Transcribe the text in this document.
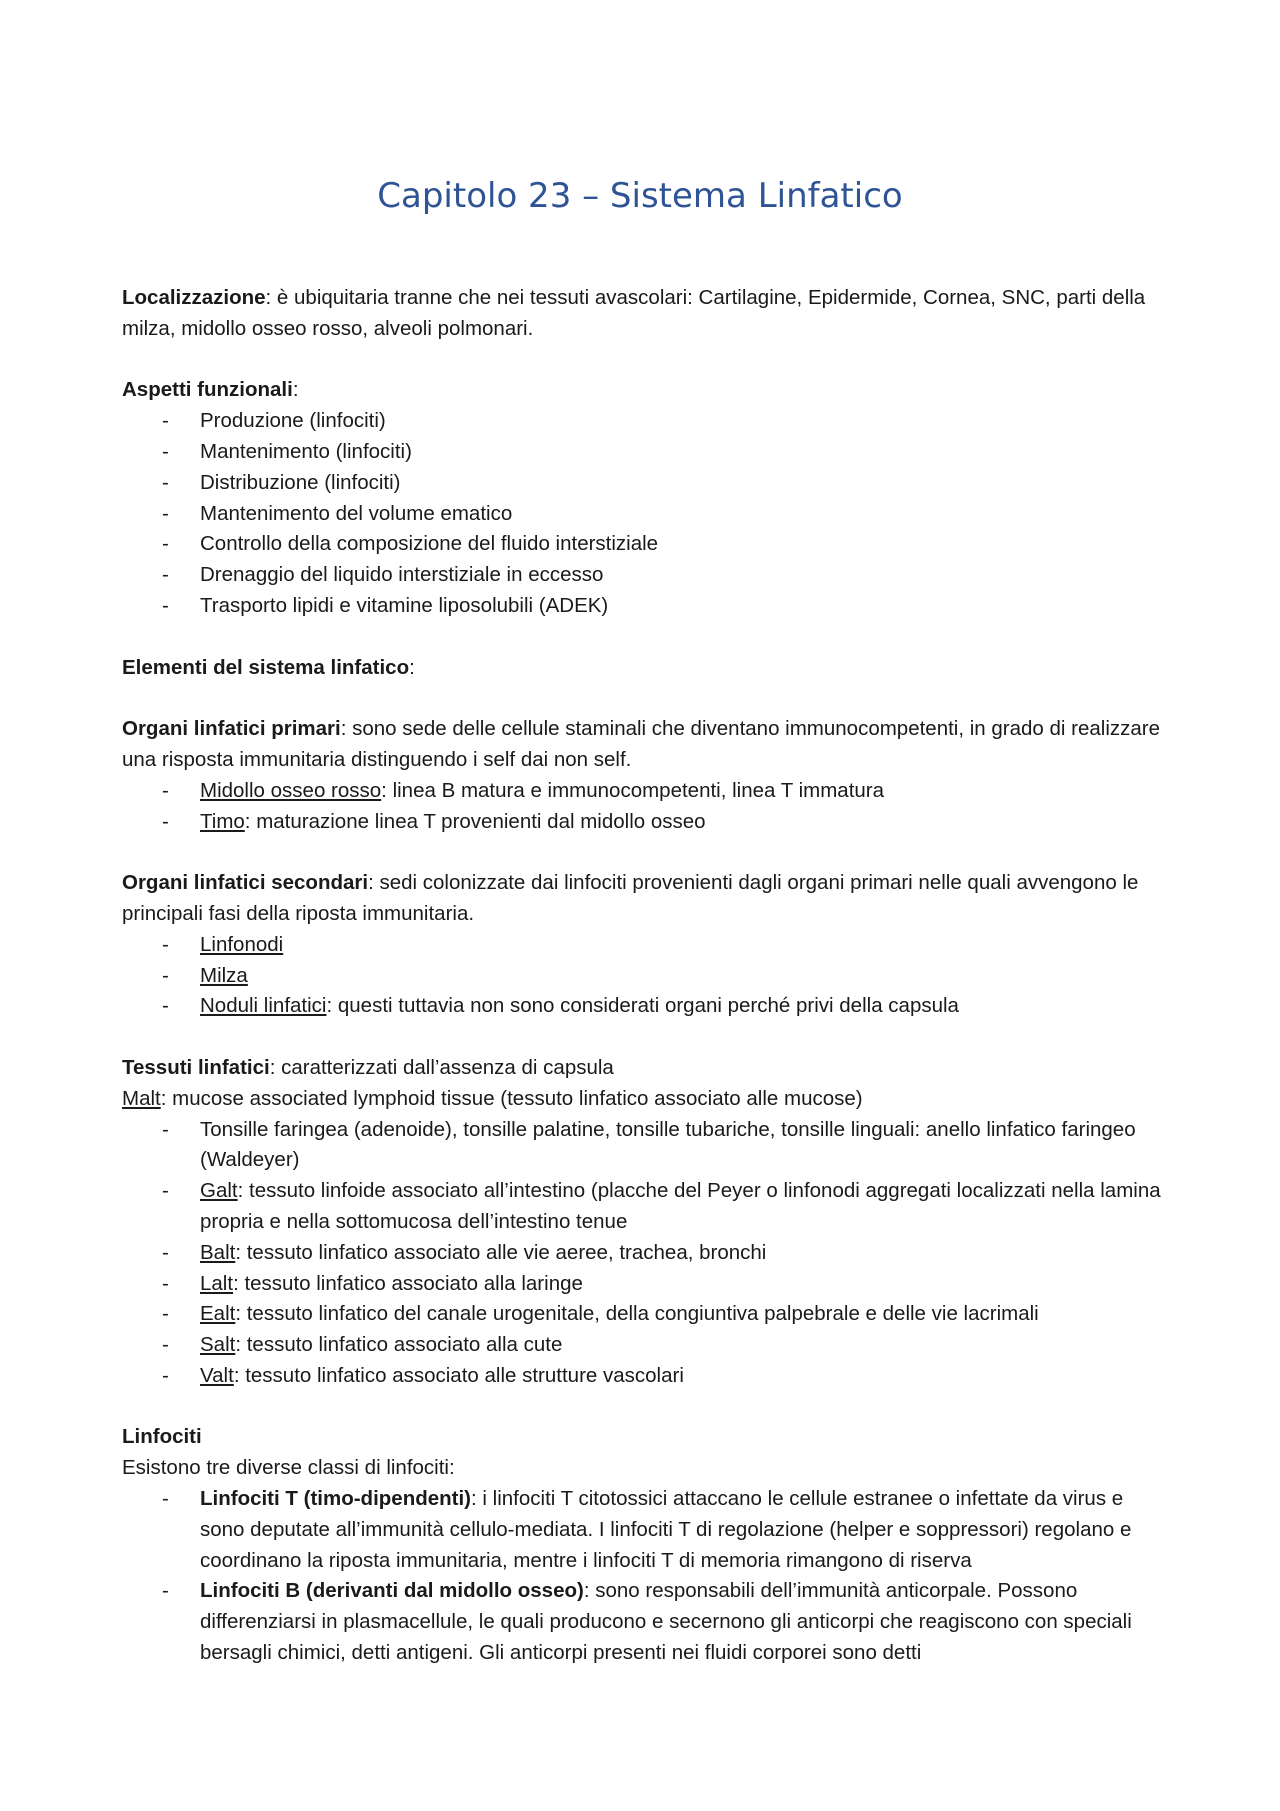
Capitolo 23 – Sistema Linfatico

Localizzazione: è ubiquitaria tranne che nei tessuti avascolari: Cartilagine, Epidermide, Cornea, SNC, parti della milza, midollo osseo rosso, alveoli polmonari.

Aspetti funzionali:

- Produzione (linfociti)
- Mantenimento (linfociti)
- Distribuzione (linfociti)
- Mantenimento del volume ematico
- Controllo della composizione del fluido interstiziale
- Drenaggio del liquido interstiziale in eccesso
- Trasporto lipidi e vitamine liposolubili (ADEK)

Elementi del sistema linfatico:

Organi linfatici primari: sono sede delle cellule staminali che diventano immunocompetenti, in grado di realizzare una risposta immunitaria distinguendo i self dai non self.

- Midollo osseo rosso: linea B matura e immunocompetenti, linea T immatura
- Timo: maturazione linea T provenienti dal midollo osseo

Organi linfatici secondari: sedi colonizzate dai linfociti provenienti dagli organi primari nelle quali avvengono le principali fasi della riposta immunitaria.

- Linfonodi
- Milza
- Noduli linfatici: questi tuttavia non sono considerati organi perché privi della capsula

Tessuti linfatici: caratterizzati dall’assenza di capsula

Malt: mucose associated lymphoid tissue (tessuto linfatico associato alle mucose)

- Tonsille faringea (adenoide), tonsille palatine, tonsille tubariche, tonsille linguali: anello linfatico faringeo (Waldeyer)
- Galt: tessuto linfoide associato all’intestino (placche del Peyer o linfonodi aggregati localizzati nella lamina propria e nella sottomucosa dell’intestino tenue
- Balt: tessuto linfatico associato alle vie aeree, trachea, bronchi
- Lalt: tessuto linfatico associato alla laringe
- Ealt: tessuto linfatico del canale urogenitale, della congiuntiva palpebrale e delle vie lacrimali
- Salt: tessuto linfatico associato alla cute
- Valt: tessuto linfatico associato alle strutture vascolari

Linfociti

Esistono tre diverse classi di linfociti:

- Linfociti T (timo-dipendenti): i linfociti T citotossici attaccano le cellule estranee o infettate da virus e sono deputate all’immunità cellulo-mediata. I linfociti T di regolazione (helper e soppressori) regolano e coordinano la riposta immunitaria, mentre i linfociti T di memoria rimangono di riserva
- Linfociti B (derivanti dal midollo osseo): sono responsabili dell’immunità anticorpale. Possono differenziarsi in plasmacellule, le quali producono e secernono gli anticorpi che reagiscono con speciali bersagli chimici, detti antigeni. Gli anticorpi presenti nei fluidi corporei sono detti
